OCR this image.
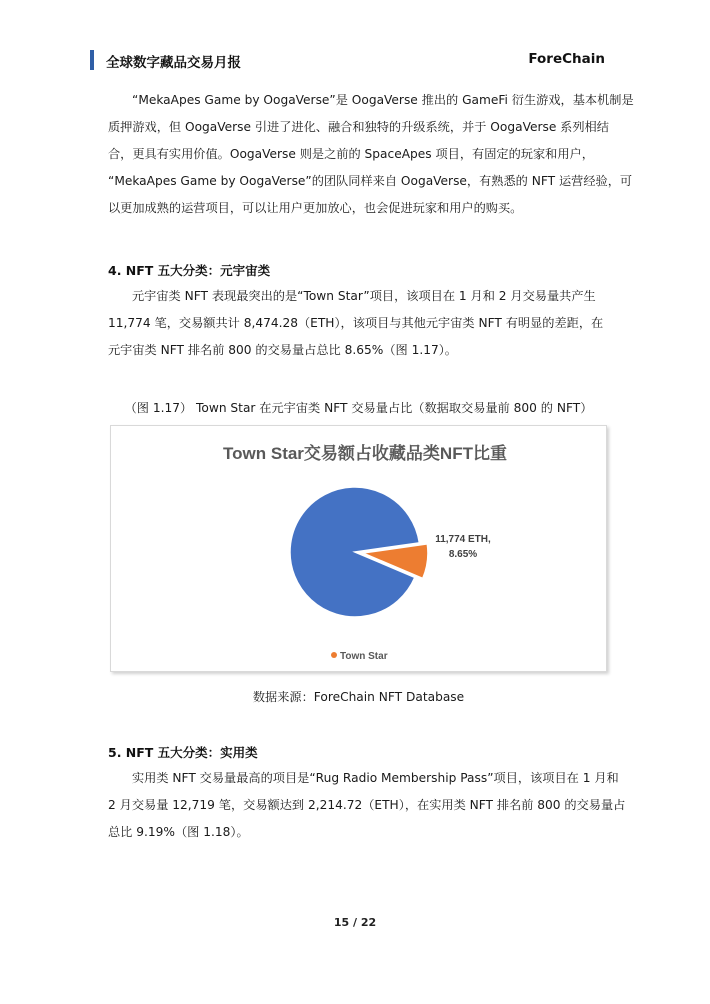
全球数字藏品交易月报	ForeChain

“MekaApes Game by OogaVerse”是 OogaVerse 推出的 GameFi 衍生游戏，基本机制是

质押游戏，但 OogaVerse 引进了进化、融合和独特的升级系统，并于 OogaVerse 系列相结

合，更具有实用价值。OogaVerse 则是之前的 SpaceApes 项目，有固定的玩家和用户，

“MekaApes Game by OogaVerse”的团队同样来自 OogaVerse，有熟悉的 NFT 运营经验，可

以更加成熟的运营项目，可以让用户更加放心，也会促进玩家和用户的购买。

4. NFT 五大分类：元宇宙类

元宇宙类 NFT 表现最突出的是“Town Star”项目，该项目在 1 月和 2 月交易量共产生

11,774 笔，交易额共计 8,474.28（ETH），该项目与其他元宇宙类 NFT 有明显的差距，在

元宇宙类 NFT 排名前 800 的交易量占总比 8.65%（图 1.17）。

（图 1.17） Town Star 在元宇宙类 NFT 交易量占比（数据取交易量前 800 的 NFT）
Town Star交易额占收藏品类NFT比重
11,774 ETH,
8.65%
Town Star
数据来源：ForeChain NFT Database
5. NFT 五大分类：实用类

实用类 NFT 交易量最高的项目是“Rug Radio Membership Pass”项目，该项目在 1 月和

2 月交易量 12,719 笔，交易额达到 2,214.72（ETH），在实用类 NFT 排名前 800 的交易量占

总比 9.19%（图 1.18）。

15 / 22
